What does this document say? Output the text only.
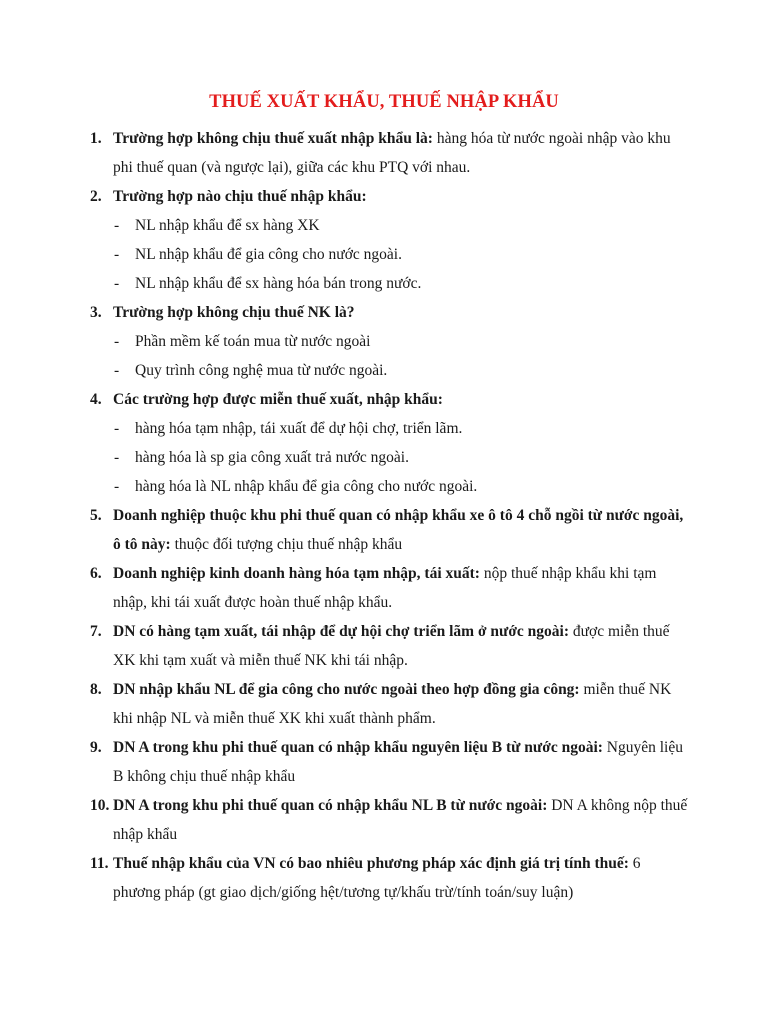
THUẾ XUẤT KHẨU, THUẾ NHẬP KHẨU
1. Trường hợp không chịu thuế xuất nhập khẩu là: hàng hóa từ nước ngoài nhập vào khu phi thuế quan (và ngược lại), giữa các khu PTQ với nhau.
2. Trường hợp nào chịu thuế nhập khẩu:
- NL nhập khẩu để sx hàng XK
- NL nhập khẩu để gia công cho nước ngoài.
- NL nhập khẩu để sx hàng hóa bán trong nước.
3. Trường hợp không chịu thuế NK là?
- Phần mềm kế toán mua từ nước ngoài
- Quy trình công nghệ mua từ nước ngoài.
4. Các trường hợp được miễn thuế xuất, nhập khẩu:
- hàng hóa tạm nhập, tái xuất để dự hội chợ, triển lãm.
- hàng hóa là sp gia công xuất trả nước ngoài.
- hàng hóa là NL nhập khẩu để gia công cho nước ngoài.
5. Doanh nghiệp thuộc khu phi thuế quan có nhập khẩu xe ô tô 4 chỗ ngồi từ nước ngoài, ô tô này: thuộc đối tượng chịu thuế nhập khẩu
6. Doanh nghiệp kinh doanh hàng hóa tạm nhập, tái xuất: nộp thuế nhập khẩu khi tạm nhập, khi tái xuất được hoàn thuế nhập khẩu.
7. DN có hàng tạm xuất, tái nhập để dự hội chợ triển lãm ở nước ngoài: được miễn thuế XK khi tạm xuất và miễn thuế NK khi tái nhập.
8. DN nhập khẩu NL để gia công cho nước ngoài theo hợp đồng gia công: miễn thuế NK khi nhập NL và miễn thuế XK khi xuất thành phẩm.
9. DN A trong khu phi thuế quan có nhập khẩu nguyên liệu B từ nước ngoài: Nguyên liệu B không chịu thuế nhập khẩu
10. DN A trong khu phi thuế quan có nhập khẩu NL B từ nước ngoài: DN A không nộp thuế nhập khẩu
11. Thuế nhập khẩu của VN có bao nhiêu phương pháp xác định giá trị tính thuế: 6 phương pháp (gt giao dịch/giống hệt/tương tự/khấu trừ/tính toán/suy luận)
